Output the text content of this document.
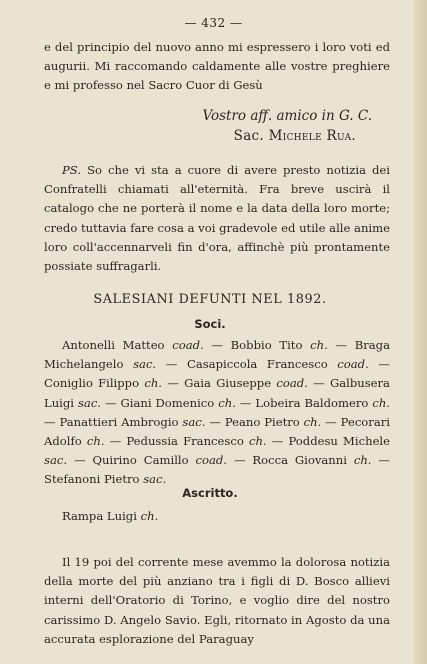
— 432 —

e del principio del nuovo anno mi espressero i loro voti ed augurii. Mi raccomando caldamente alle vostre preghiere e mi professo nel Sacro Cuor di Gesù

Vostro aff. amico in G. C.
Sac. Michele Rua.

PS. So che vi sta a cuore di avere presto notizia dei Confratelli chiamati all'eternità. Fra breve uscirà il catalogo che ne porterà il nome e la data della loro morte; credo tuttavia fare cosa a voi gradevole ed utile alle anime loro coll'accennarveli fin d'ora, affinchè più prontamente possiate suffragarli.

SALESIANI DEFUNTI NEL 1892.
Soci.

Antonelli Matteo coad. — Bobbio Tito ch. — Braga Michelangelo sac. — Casapiccola Francesco coad. — Coniglio Filippo ch. — Gaia Giuseppe coad. — Galbusera Luigi sac. — Giani Domenico ch. — Lobeira Baldomero ch. — Panattieri Ambrogio sac. — Peano Pietro ch. — Pecorari Adolfo ch. — Pedussia Francesco ch. — Poddesu Michele sac. — Quirino Camillo coad. — Rocca Giovanni ch. — Stefanoni Pietro sac.

Ascritto.

Rampa Luigi ch.

Il 19 poi del corrente mese avemmo la dolorosa notizia della morte del più anziano tra i figli di D. Bosco allievi interni dell'Oratorio di Torino, e voglio dire del nostro carissimo D. Angelo Savio. Egli, ritornato in Agosto da una accurata esplorazione del Paraguay
